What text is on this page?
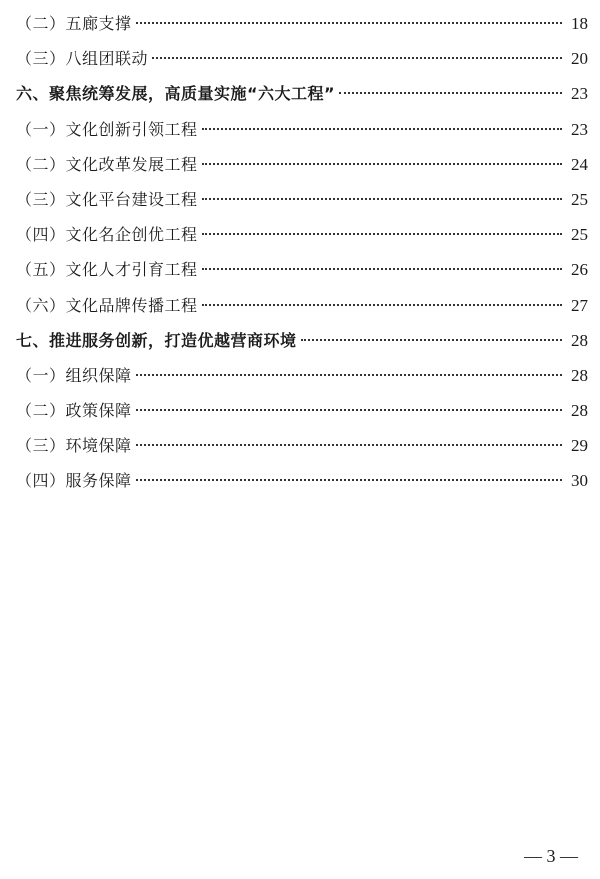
（二）五廊支撑	18
（三）八组团联动	20
六、聚焦统筹发展，高质量实施“六大工程”	23
（一）文化创新引领工程	23
（二）文化改革发展工程	24
（三）文化平台建设工程	25
（四）文化名企创优工程	25
（五）文化人才引育工程	26
（六）文化品牌传播工程	27
七、推进服务创新，打造优越营商环境	28
（一）组织保障	28
（二）政策保障	28
（三）环境保障	29
（四）服务保障	30
— 3 —
